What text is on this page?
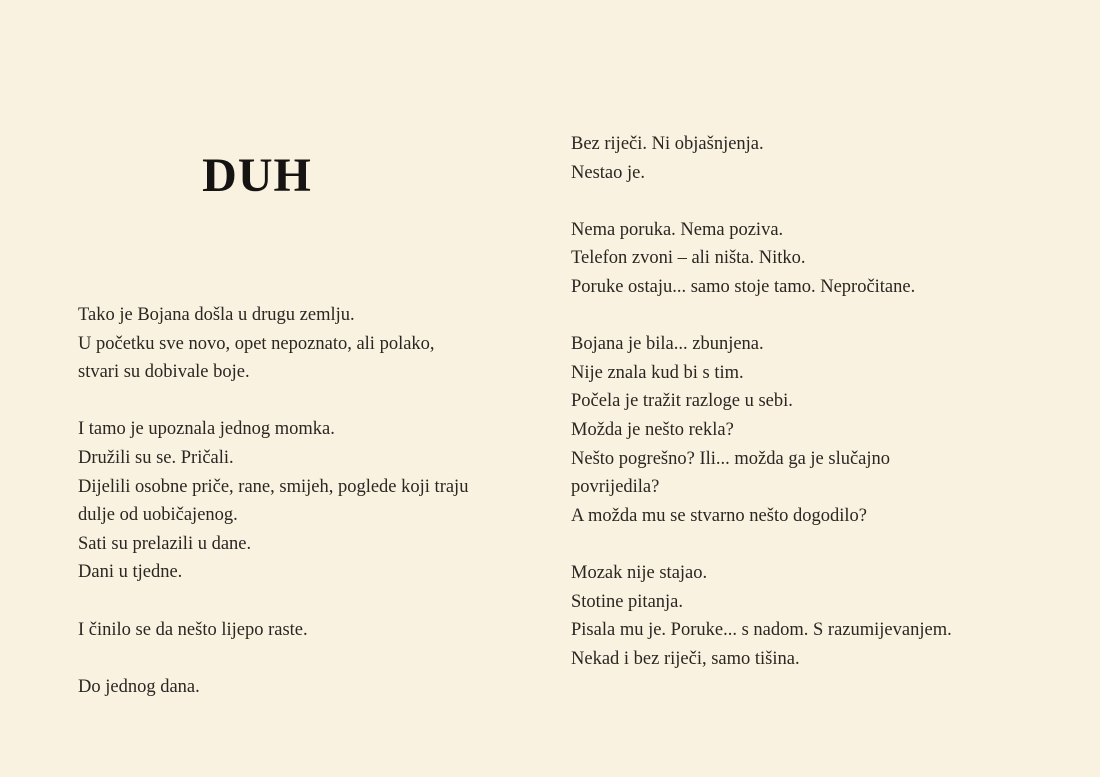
DUH

Tako je Bojana došla u drugu zemlju.
U početku sve novo, opet nepoznato, ali polako,
stvari su dobivale boje.

I tamo je upoznala jednog momka.
Družili su se. Pričali.
Dijelili osobne priče, rane, smijeh, poglede koji traju
dulje od uobičajenog.
Sati su prelazili u dane.
Dani u tjedne.

I činilo se da nešto lijepo raste.

Do jednog dana.

Bez riječi. Ni objašnjenja.
Nestao je.

Nema poruka. Nema poziva.
Telefon zvoni – ali ništa. Nitko.
Poruke ostaju... samo stoje tamo. Nepročitane.

Bojana je bila... zbunjena.
Nije znala kud bi s tim.
Počela je tražit razloge u sebi.
Možda je nešto rekla?
Nešto pogrešno? Ili... možda ga je slučajno
povrijedila?
A možda mu se stvarno nešto dogodilo?

Mozak nije stajao.
Stotine pitanja.
Pisala mu je. Poruke... s nadom. S razumijevanjem.
Nekad i bez riječi, samo tišina.
